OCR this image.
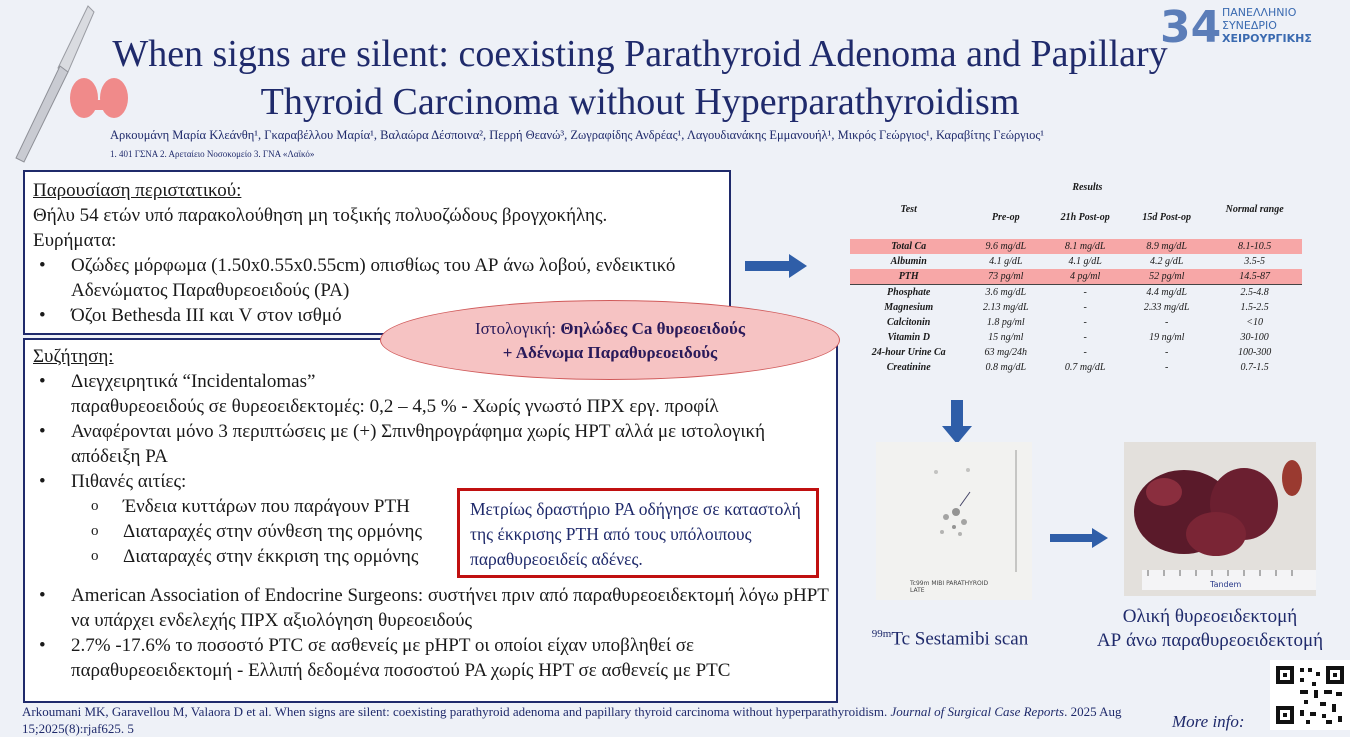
34 ΠΑΝΕΛΛΗΝΙΟ
ΣΥΝΕΔΡΙΟ
ΧΕΙΡΟΥΡΓΙΚΗΣ
When signs are silent: coexisting Parathyroid Adenoma and Papillary
Thyroid Carcinoma without Hyperparathyroidism
Αρκουμάνη Μαρία Κλεάνθη¹, Γκαραβέλλου Μαρία¹, Βαλαώρα Δέσποινα², Περρή Θεανώ³, Ζωγραφίδης Ανδρέας¹, Λαγουδιανάκης Εμμανουήλ¹, Μικρός Γεώργιος¹, Καραβίτης Γεώργιος¹
1. 401 ΓΣΝΑ 2. Αρεταίειο Νοσοκομείο 3. ΓΝΑ «Λαϊκό»

Παρουσίαση περιστατικού:

Θήλυ 54 ετών υπό παρακολούθηση μη τοξικής πολυοζώδους βρογχοκήλης.

Ευρήματα:

• Οζώδες μόρφωμα (1.50x0.55x0.55cm) οπισθίως του ΑΡ άνω λοβού, ενδεικτικό Αδενώματος Παραθυρεοειδούς (ΡΑ)
• Όζοι Bethesda III και V στον ισθμό

Συζήτηση:

• Διεγχειρητικά “Incidentalomas”
παραθυρεοειδούς σε θυρεοειδεκτομές: 0,2 – 4,5 % - Χωρίς γνωστό ΠΡΧ εργ. προφίλ
• Αναφέρονται μόνο 3 περιπτώσεις με (+) Σπινθηρογράφημα χωρίς ΗΡΤ αλλά με ιστολογική απόδειξη ΡΑ
• Πιθανές αιτίες:
o Ένδεια κυττάρων που παράγουν PTH
o Διαταραχές στην σύνθεση της ορμόνης
o Διαταραχές στην έκκριση της ορμόνης
• American Association of Endocrine Surgeons: συστήνει πριν από παραθυρεοειδεκτομή λόγω pHPT να υπάρχει ενδελεχής ΠΡΧ αξιολόγηση θυρεοειδούς
• 2.7% -17.6% το ποσοστό PTC σε ασθενείς με pHPT οι οποίοι είχαν υποβληθεί σε παραθυρεοειδεκτομή - Ελλιπή δεδομένα ποσοστού ΡΑ χωρίς ΗΡΤ σε ασθενείς με PTC
Ιστολογική: Θηλώδες Ca θυρεοειδούς
+ Αδένωμα Παραθυρεοειδούς
Μετρίως δραστήριο ΡΑ οδήγησε σε καταστολή της έκκρισης PTH από τους υπόλοιπους παραθυρεοειδείς αδένες.
Test	Results			Normal range
	Pre-op	21h Post-op	15d Post-op	
Total Ca	9.6 mg/dL	8.1 mg/dL	8.9 mg/dL	8.1-10.5
Albumin	4.1 g/dL	4.1 g/dL	4.2 g/dL	3.5-5
PTH	73 pg/ml	4 pg/ml	52 pg/ml	14.5-87
Phosphate	3.6 mg/dL	-	4.4 mg/dL	2.5-4.8
Magnesium	2.13 mg/dL	-	2.33 mg/dL	1.5-2.5
Calcitonin	1.8 pg/ml	-	-	<10
Vitamin D	15 ng/ml	-	19 ng/ml	30-100
24-hour Urine Ca	63 mg/24h	-	-	100-300
Creatinine	0.8 mg/dL	0.7 mg/dL	-	0.7-1.5
Tc99m MIBI PARATHYROID LATE
$^{99m}$Tc Sestamibi scan
Tandem
Ολική θυρεοειδεκτομή
ΑΡ άνω παραθυρεοειδεκτομή
Arkoumani MK, Garavellou M, Valaora D et al. When signs are silent: coexisting parathyroid adenoma and papillary thyroid carcinoma without hyperparathyroidism. Journal of Surgical Case Reports. 2025 Aug 15;2025(8):rjaf625. 5	More info:
